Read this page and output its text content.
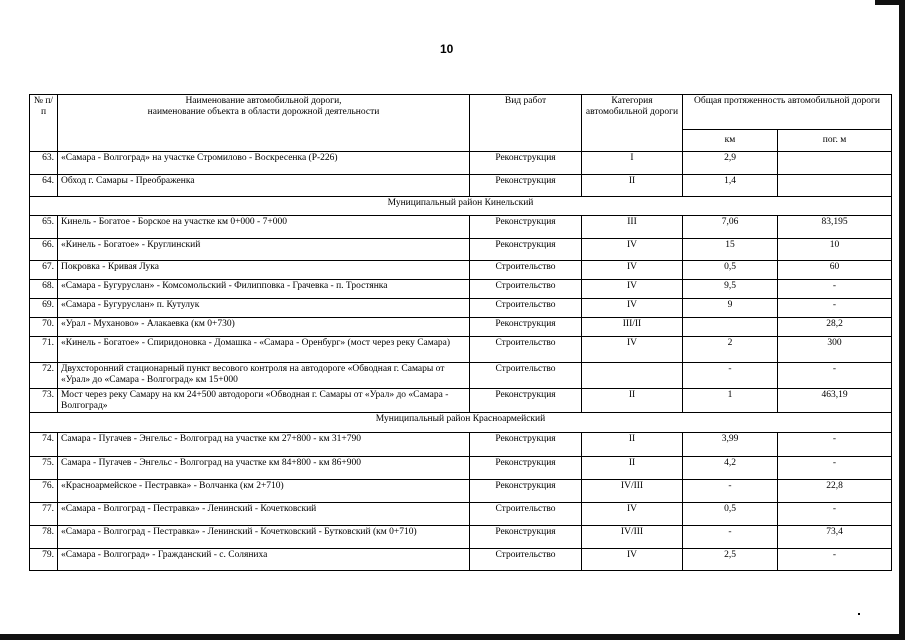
10
№ п/п	Наименование автомобильной дороги,
наименование объекта в области дорожной деятельности	Вид работ	Категория автомобильной дороги	Общая протяженность автомобильной дороги	
				км	пог. м
63.	«Самара - Волгоград» на участке Стромилово - Воскресенка (Р-226)	Реконструкция	I	2,9	
64.	Обход г. Самары - Преображенка	Реконструкция	II	1,4	
Муниципальный район Кинельский					
65.	Кинель - Богатое - Борское на участке км 0+000 - 7+000	Реконструкция	III	7,06	83,195
66.	«Кинель - Богатое» - Круглинский	Реконструкция	IV	15	10
67.	Покровка - Кривая Лука	Строительство	IV	0,5	60
68.	«Самара - Бугуруслан» - Комсомольский - Филипповка - Грачевка - п. Тростянка	Строительство	IV	9,5	-
69.	«Самара - Бугуруслан» п. Кутулук	Строительство	IV	9	-
70.	«Урал - Муханово» - Алакаевка (км 0+730)	Реконструкция	III/II		28,2
71.	«Кинель - Богатое» - Спиридоновка - Домашка - «Самара - Оренбург» (мост через реку Самара)	Строительство	IV	2	300
72.	Двухсторонний стационарный пункт весового контроля на автодороге «Обводная г. Самары от «Урал» до «Самара - Волгоград» км 15+000	Строительство		-	-
73.	Мост через реку Самару на км 24+500 автодороги «Обводная г. Самары от «Урал» до «Самара - Волгоград»	Реконструкция	II	1	463,19
Муниципальный район Красноармейский					
74.	Самара - Пугачев - Энгельс - Волгоград на участке км 27+800 - км 31+790	Реконструкция	II	3,99	-
75.	Самара - Пугачев - Энгельс - Волгоград на участке км 84+800 - км 86+900	Реконструкция	II	4,2	-
76.	«Красноармейское - Пестравка» - Волчанка (км 2+710)	Реконструкция	IV/III	-	22,8
77.	«Самара - Волгоград - Пестравка» - Ленинский - Кочетковский	Строительство	IV	0,5	-
78.	«Самара - Волгоград - Пестравка» - Ленинский - Кочетковский - Бутковский (км 0+710)	Реконструкция	IV/III	-	73,4
79.	«Самара - Волгоград» - Гражданский - с. Соляниха	Строительство	IV	2,5	-
